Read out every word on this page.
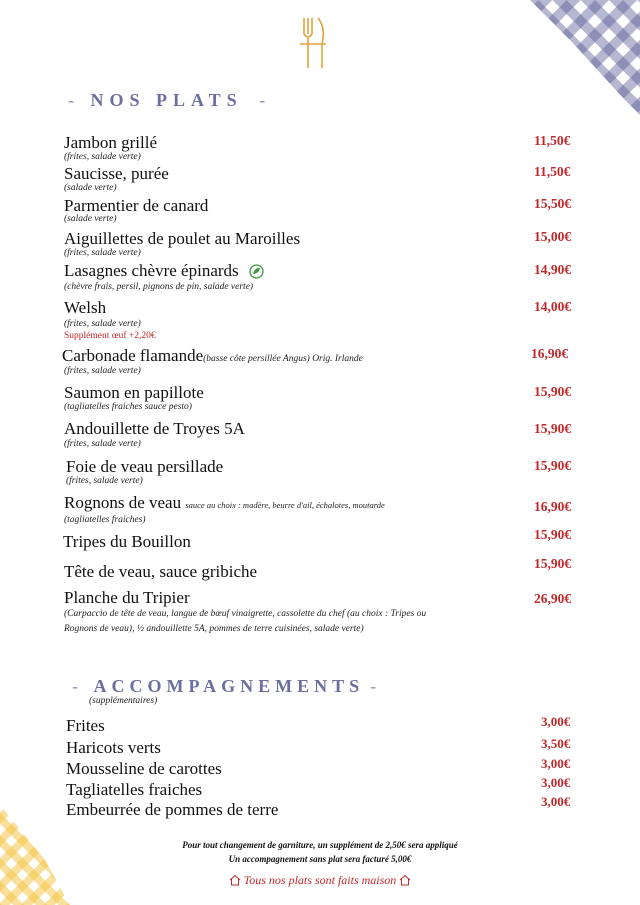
- NOS PLATS -
Jambon grillé
(frites, salade verte)
11,50€
Saucisse, purée
(salade verte)
11,50€
Parmentier de canard
(salade verte)
15,50€
Aiguillettes de poulet au Maroilles
(frites, salade verte)
15,00€
Lasagnes chèvre épinards
(chèvre frais, persil, pignons de pin, salade verte)
14,90€
Welsh
(frites, salade verte)
Supplément œuf +2,20€
14,00€
Carbonade flamande(basse côte persillée Angus) Orig. Irlande
(frites, salade verte)
16,90€
Saumon en papillote
(tagliatelles fraiches sauce pesto)
15,90€
Andouillette de Troyes 5A
(frites, salade verte)
15,90€
Foie de veau persillade
(frites, salade verte)
15,90€
Rognons de veau sauce au choix : madère, beurre d'ail, échalotes, moutarde
(tagliatelles fraiches)
16,90€
Tripes du Bouillon	15,90€
Tête de veau, sauce gribiche	15,90€
Planche du Tripier
(Carpaccio de tête de veau, langue de bœuf vinaigrette, cassolette du chef (au choix : Tripes ou
Rognons de veau), ½ andouillette 5A, pommes de terre cuisinées, salade verte)
26,90€
- ACCOMPAGNEMENTS -
(supplémentaires)
Frites	3,00€
Haricots verts	3,50€
Mousseline de carottes	3,00€
Tagliatelles fraiches	3,00€
Embeurrée de pommes de terre	3,00€
Pour tout changement de garniture, un supplément de 2,50€ sera appliqué
Un accompagnement sans plat sera facturé 5,00€
Tous nos plats sont faits maison
